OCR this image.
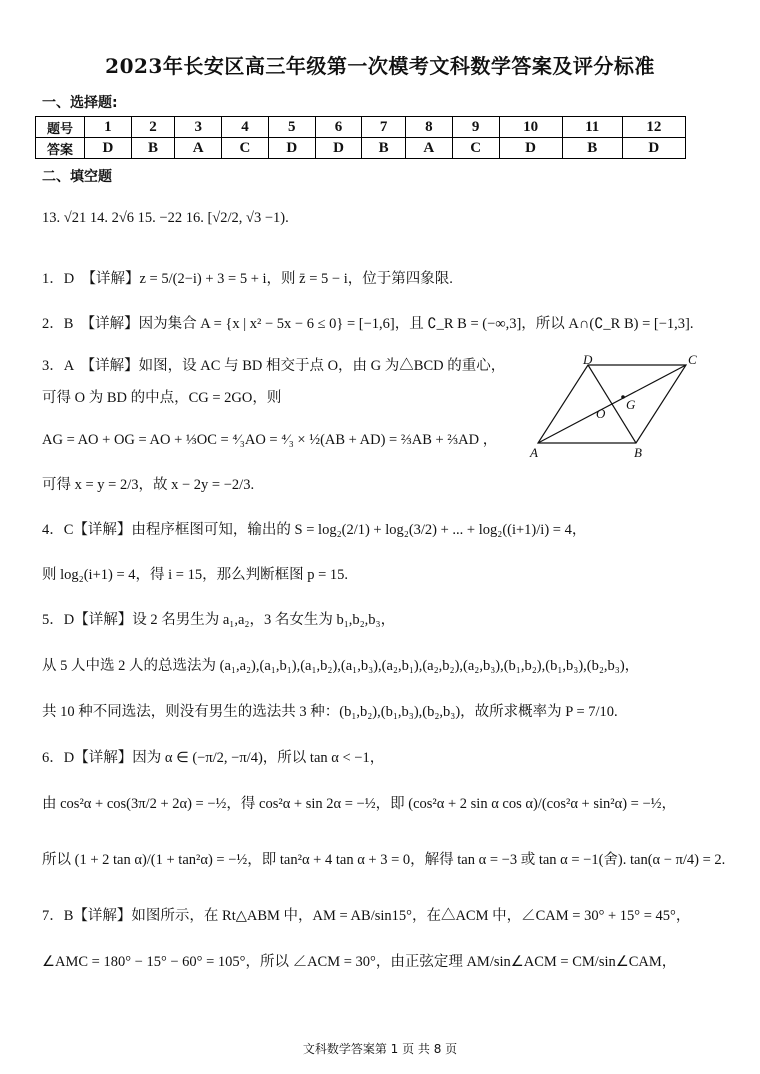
2023年长安区高三年级第一次模考文科数学答案及评分标准
一、选择题:
题号	1	2	3	4	5	6	7	8	9	10	11	12
答案	D	B	A	C	D	D	B	A	C	D	B	D
二、填空题
13. √21 14. 2√6 15. −22 16. [√2/2, √3 −1).
1．D　【详解】z = 5/(2−i) + 3 = 5 + i，则 z̄ = 5 − i，位于第四象限.
2．B　【详解】因为集合 A = {x | x² − 5x − 6 ≤ 0} = [−1,6]，且 ∁_R B = (−∞,3]，所以 A∩(∁_R B) = [−1,3].
3．A　【详解】如图，设 AC 与 BD 相交于点 O，由 G 为△BCD 的重心，
可得 O 为 BD 的中点，CG = 2GO，则
AG = AO + OG = AO + ⅓OC = ⁴⁄₃AO = ⁴⁄₃ × ½(AB + AD) = ⅔AB + ⅔AD ，
可得 x = y = 2/3，故 x − 2y = −2/3.
4．C【详解】由程序框图可知，输出的 S = log₂(2/1) + log₂(3/2) + ... + log₂((i+1)/i) = 4，
则 log₂(i+1) = 4，得 i = 15，那么判断框图 p = 15.
5．D【详解】设 2 名男生为 a₁,a₂，3 名女生为 b₁,b₂,b₃，
从 5 人中选 2 人的总选法为 (a₁,a₂),(a₁,b₁),(a₁,b₂),(a₁,b₃),(a₂,b₁),(a₂,b₂),(a₂,b₃),(b₁,b₂),(b₁,b₃),(b₂,b₃)，
共 10 种不同选法，则没有男生的选法共 3 种：(b₁,b₂),(b₁,b₃),(b₂,b₃)，故所求概率为 P = 7/10.
6．D【详解】因为 α ∈ (−π/2, −π/4)，所以 tan α < −1，
由 cos²α + cos(3π/2 + 2α) = −½，得 cos²α + sin 2α = −½，即 (cos²α + 2 sin α cos α)/(cos²α + sin²α) = −½，
所以 (1 + 2 tan α)/(1 + tan²α) = −½，即 tan²α + 4 tan α + 3 = 0，解得 tan α = −3 或 tan α = −1(舍). tan(α − π/4) = 2.
7．B【详解】如图所示，在 Rt△ABM 中，AM = AB/sin15°，在△ACM 中，∠CAM = 30° + 15° = 45°，
∠AMC = 180° − 15° − 60° = 105°，所以 ∠ACM = 30°，由正弦定理 AM/sin∠ACM = CM/sin∠CAM，
D	C
O
G
A	B
文科数学答案第 1 页 共 8 页
